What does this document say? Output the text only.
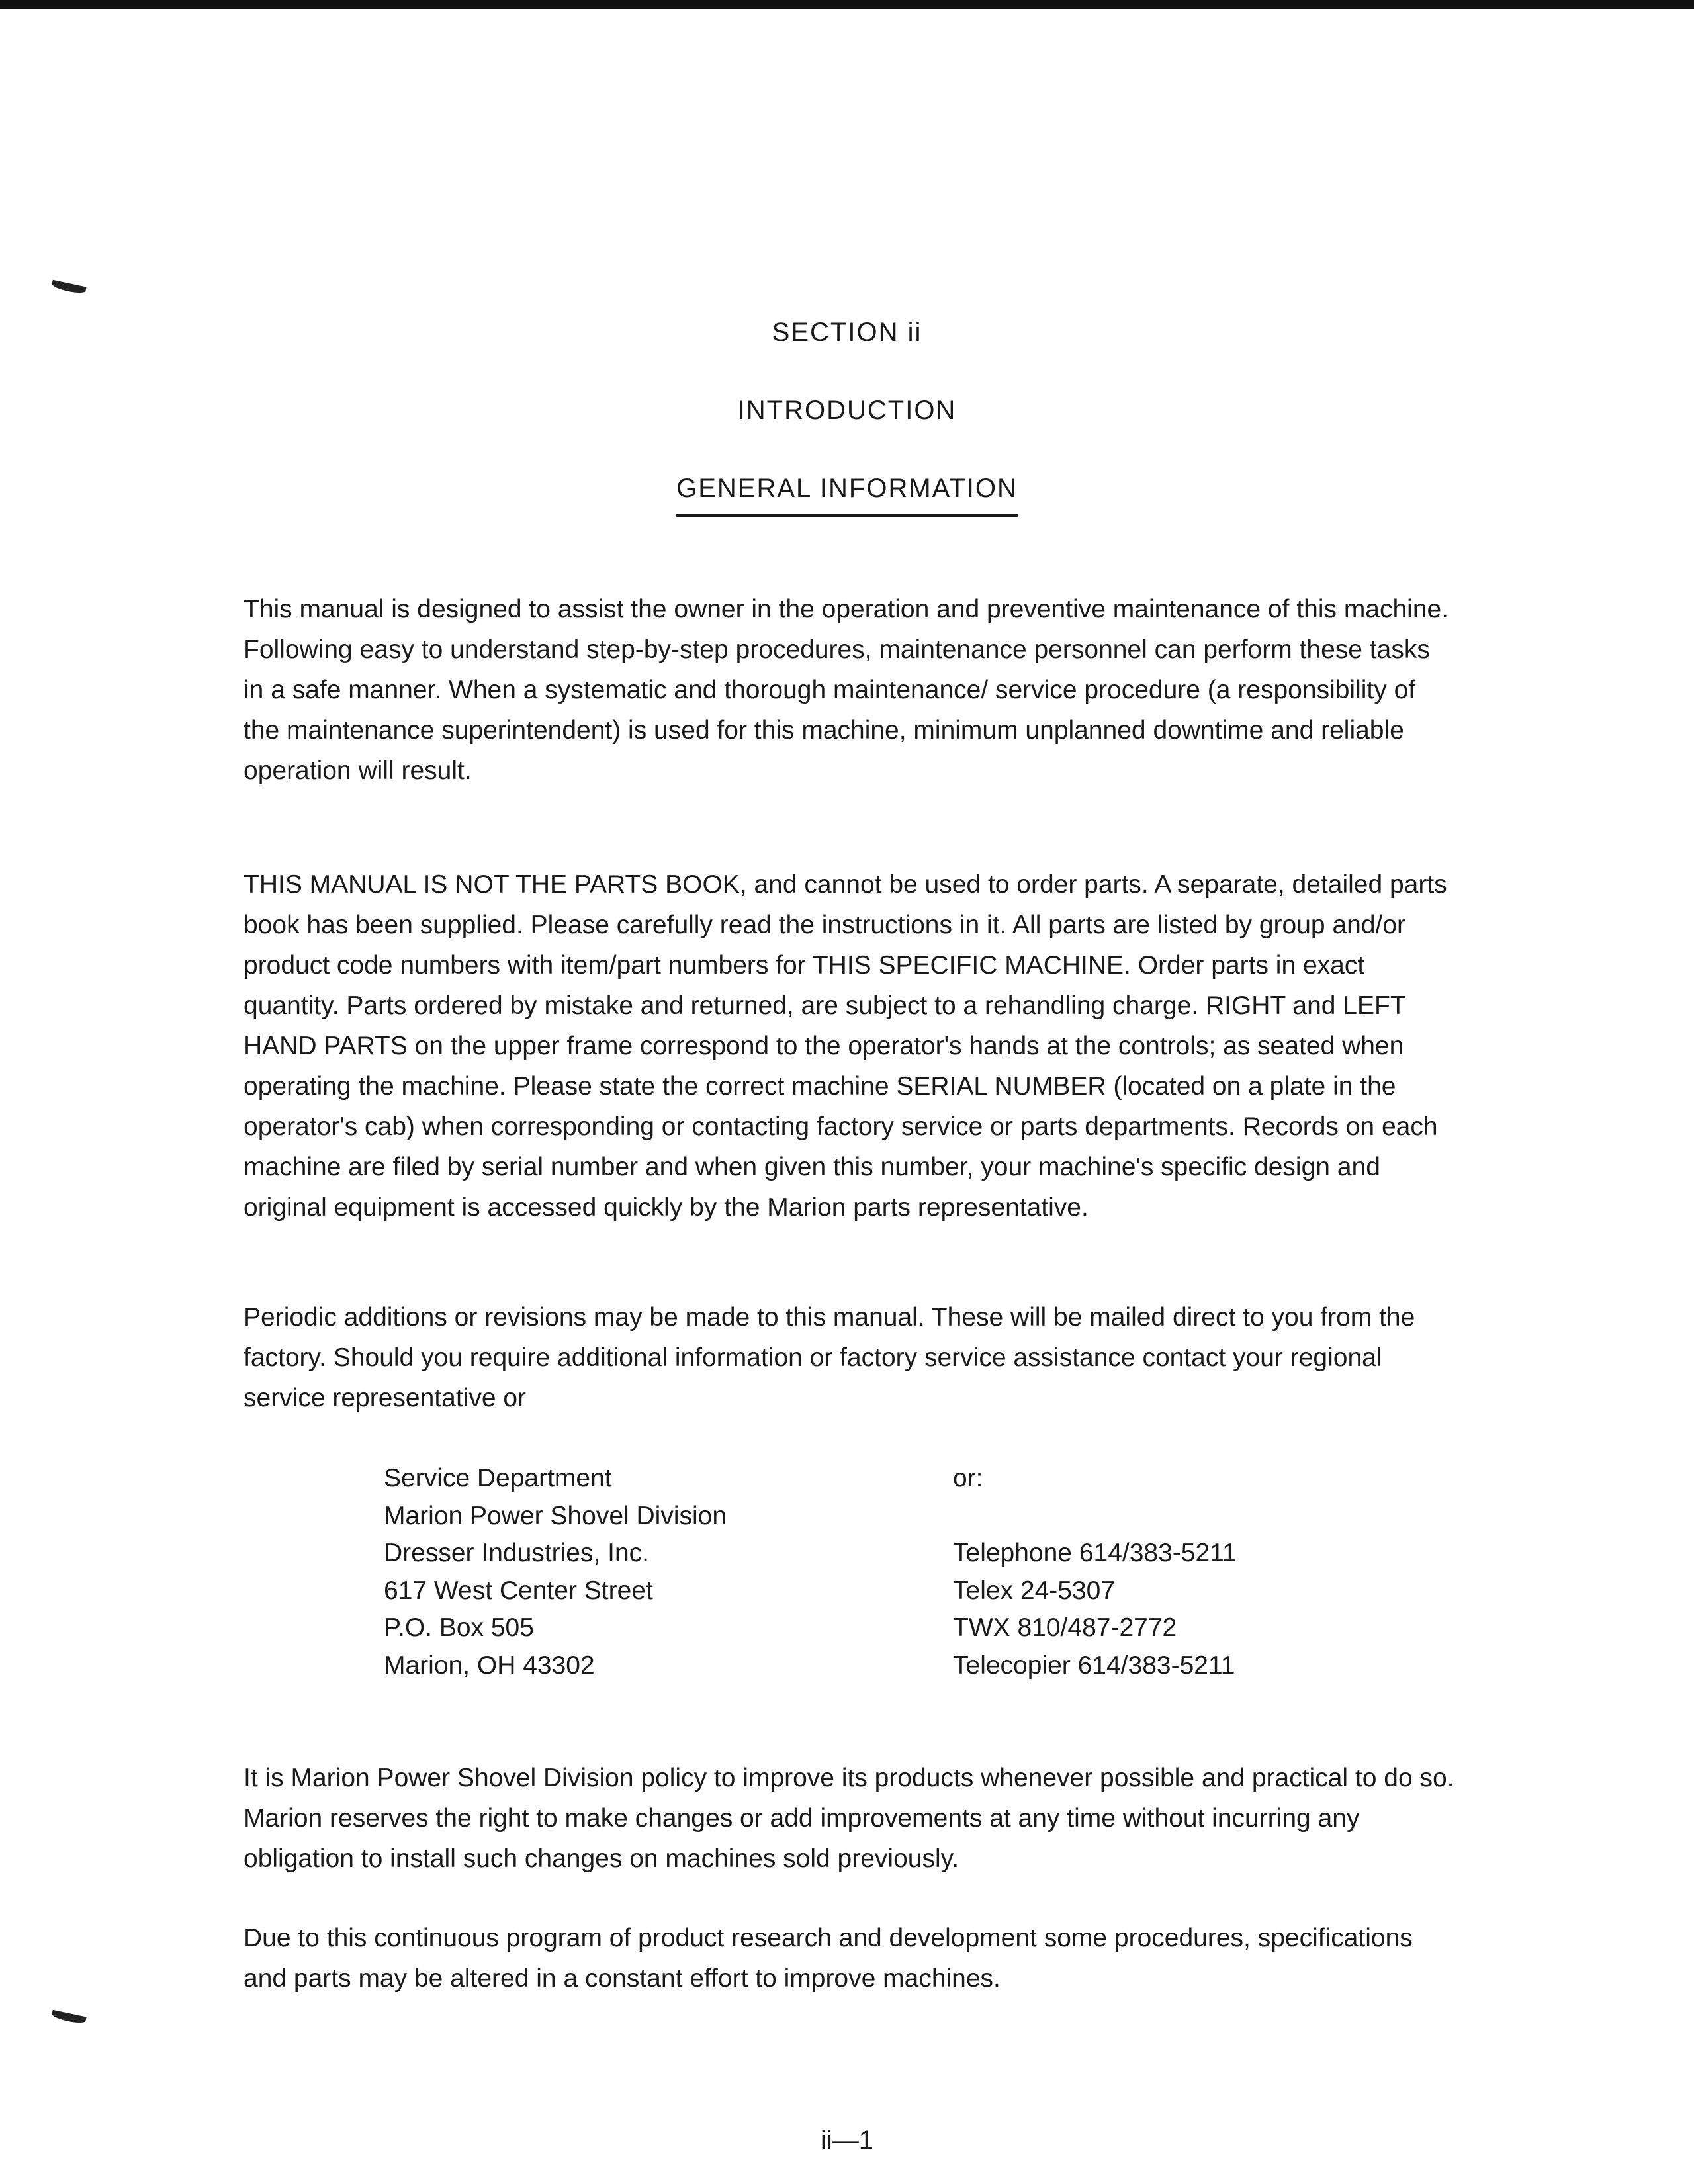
SECTION ii
INTRODUCTION
GENERAL INFORMATION

This manual is designed to assist the owner in the operation and preventive maintenance of this machine. Following easy to understand step-by-step procedures, maintenance personnel can perform these tasks in a safe manner. When a systematic and thorough maintenance/ service procedure (a responsibility of the maintenance superintendent) is used for this machine, minimum unplanned downtime and reliable operation will result.

THIS MANUAL IS NOT THE PARTS BOOK, and cannot be used to order parts. A separate, detailed parts book has been supplied. Please carefully read the instructions in it. All parts are listed by group and/or product code numbers with item/part numbers for THIS SPECIFIC MACHINE. Order parts in exact quantity. Parts ordered by mistake and returned, are subject to a rehandling charge. RIGHT and LEFT HAND PARTS on the upper frame correspond to the operator's hands at the controls; as seated when operating the machine. Please state the correct machine SERIAL NUMBER (located on a plate in the operator's cab) when corresponding or contacting factory service or parts departments. Records on each machine are filed by serial number and when given this number, your machine's specific design and original equipment is accessed quickly by the Marion parts representative.

Periodic additions or revisions may be made to this manual. These will be mailed direct to you from the factory. Should you require additional information or factory service assistance contact your regional service representative or

Service Department
Marion Power Shovel Division
Dresser Industries, Inc.
617 West Center Street
P.O. Box 505
Marion, OH 43302
or:
Telephone 614/383-5211
Telex 24-5307
TWX 810/487-2772
Telecopier 614/383-5211

It is Marion Power Shovel Division policy to improve its products whenever possible and practical to do so. Marion reserves the right to make changes or add improvements at any time without incurring any obligation to install such changes on machines sold previously.

Due to this continuous program of product research and development some procedures, specifications and parts may be altered in a constant effort to improve machines.

ii—1
